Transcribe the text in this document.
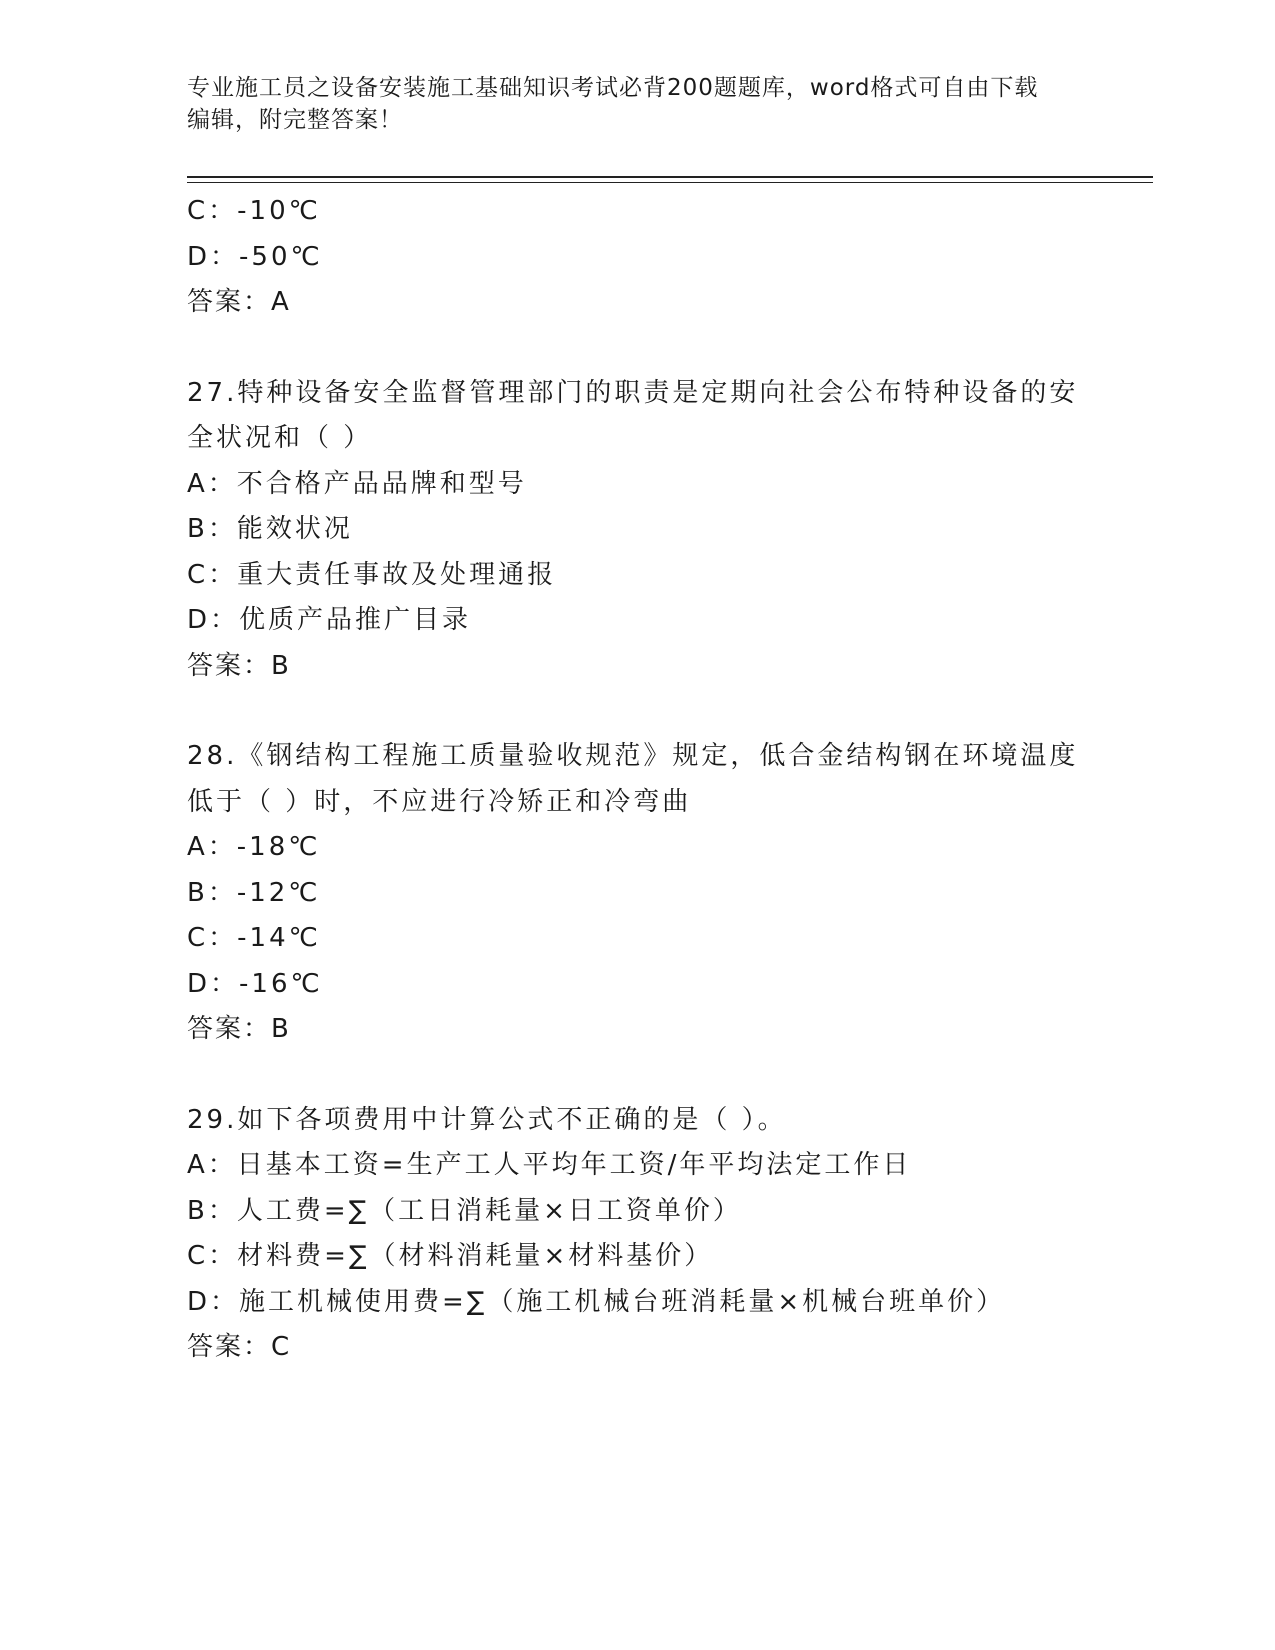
专业施工员之设备安装施工基础知识考试必背200题题库，word格式可自由下载
编辑，附完整答案！
C：-10℃
D：-50℃
答案：A
27.特种设备安全监督管理部门的职责是定期向社会公布特种设备的安
全状况和（ ）
A：不合格产品品牌和型号
B：能效状况
C：重大责任事故及处理通报
D：优质产品推广目录
答案：B
28.《钢结构工程施工质量验收规范》规定，低合金结构钢在环境温度
低于（ ）时，不应进行冷矫正和冷弯曲
A：-18℃
B：-12℃
C：-14℃
D：-16℃
答案：B
29.如下各项费用中计算公式不正确的是（ ）。
A：日基本工资=生产工人平均年工资/年平均法定工作日
B：人工费=∑（工日消耗量×日工资单价）
C：材料费=∑（材料消耗量×材料基价）
D：施工机械使用费=∑（施工机械台班消耗量×机械台班单价）
答案：C
